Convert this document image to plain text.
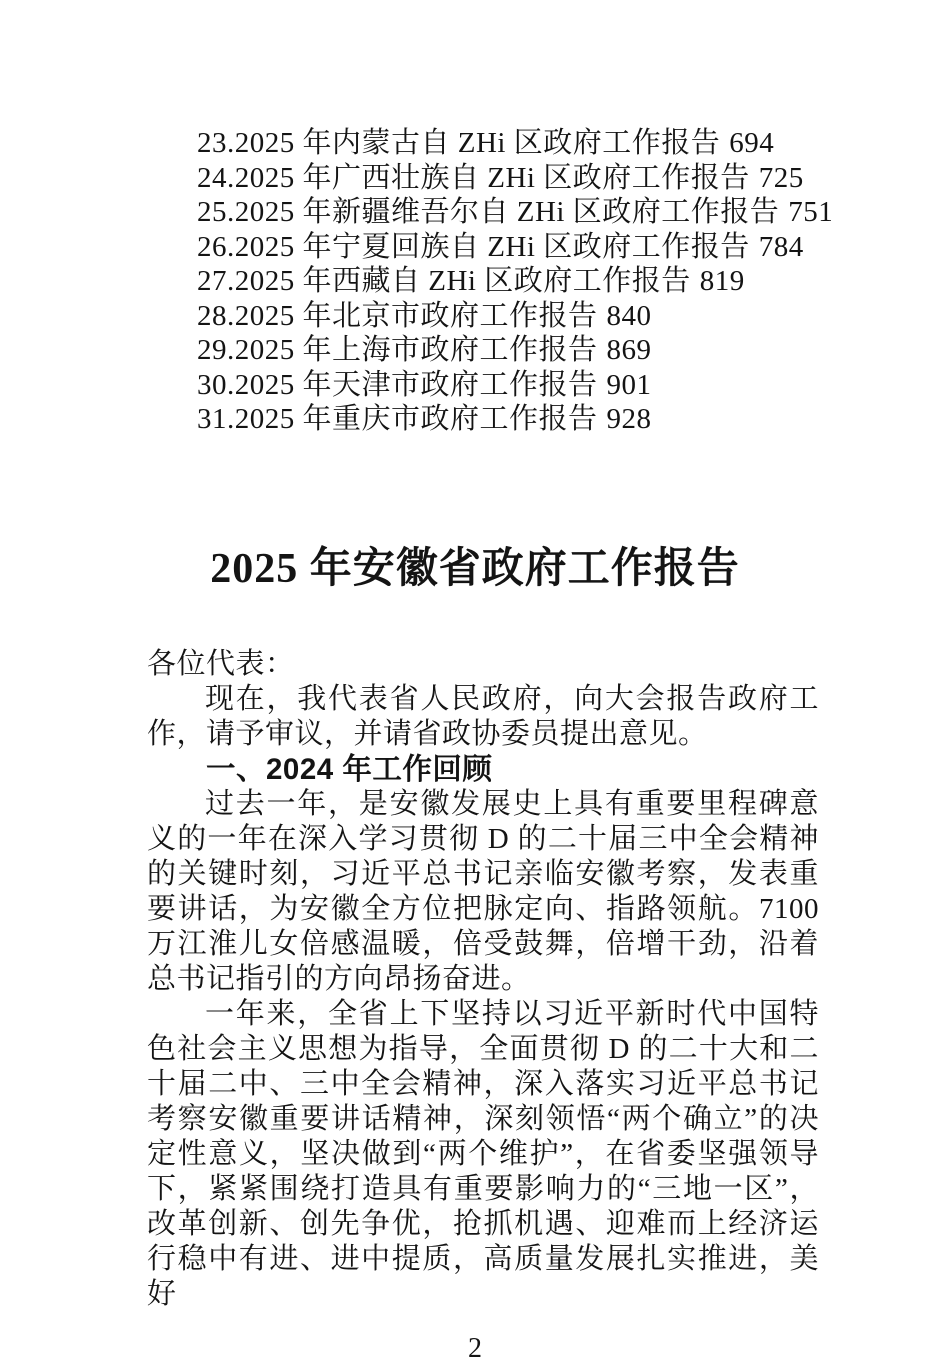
23.2025 年内蒙古自 ZHi 区政府工作报告 694
24.2025 年广西壮族自 ZHi 区政府工作报告 725
25.2025 年新疆维吾尔自 ZHi 区政府工作报告 751
26.2025 年宁夏回族自 ZHi 区政府工作报告 784
27.2025 年西藏自 ZHi 区政府工作报告 819
28.2025 年北京市政府工作报告 840
29.2025 年上海市政府工作报告 869
30.2025 年天津市政府工作报告 901
31.2025 年重庆市政府工作报告 928
2025 年安徽省政府工作报告

各位代表：

现在，我代表省人民政府，向大会报告政府工作，请予审议，并请省政协委员提出意见。

一、2024 年工作回顾

过去一年，是安徽发展史上具有重要里程碑意义的一年在深入学习贯彻 D 的二十届三中全会精神的关键时刻，习近平总书记亲临安徽考察，发表重要讲话，为安徽全方位把脉定向、指路领航。7100 万江淮儿女倍感温暖，倍受鼓舞，倍增干劲，沿着总书记指引的方向昂扬奋进。

一年来，全省上下坚持以习近平新时代中国特色社会主义思想为指导，全面贯彻 D 的二十大和二十届二中、三中全会精神，深入落实习近平总书记考察安徽重要讲话精神，深刻领悟“两个确立”的决定性意义，坚决做到“两个维护”，在省委坚强领导下，紧紧围绕打造具有重要影响力的“三地一区”，改革创新、创先争优，抢抓机遇、迎难而上经济运行稳中有进、进中提质，高质量发展扎实推进，美好

2
